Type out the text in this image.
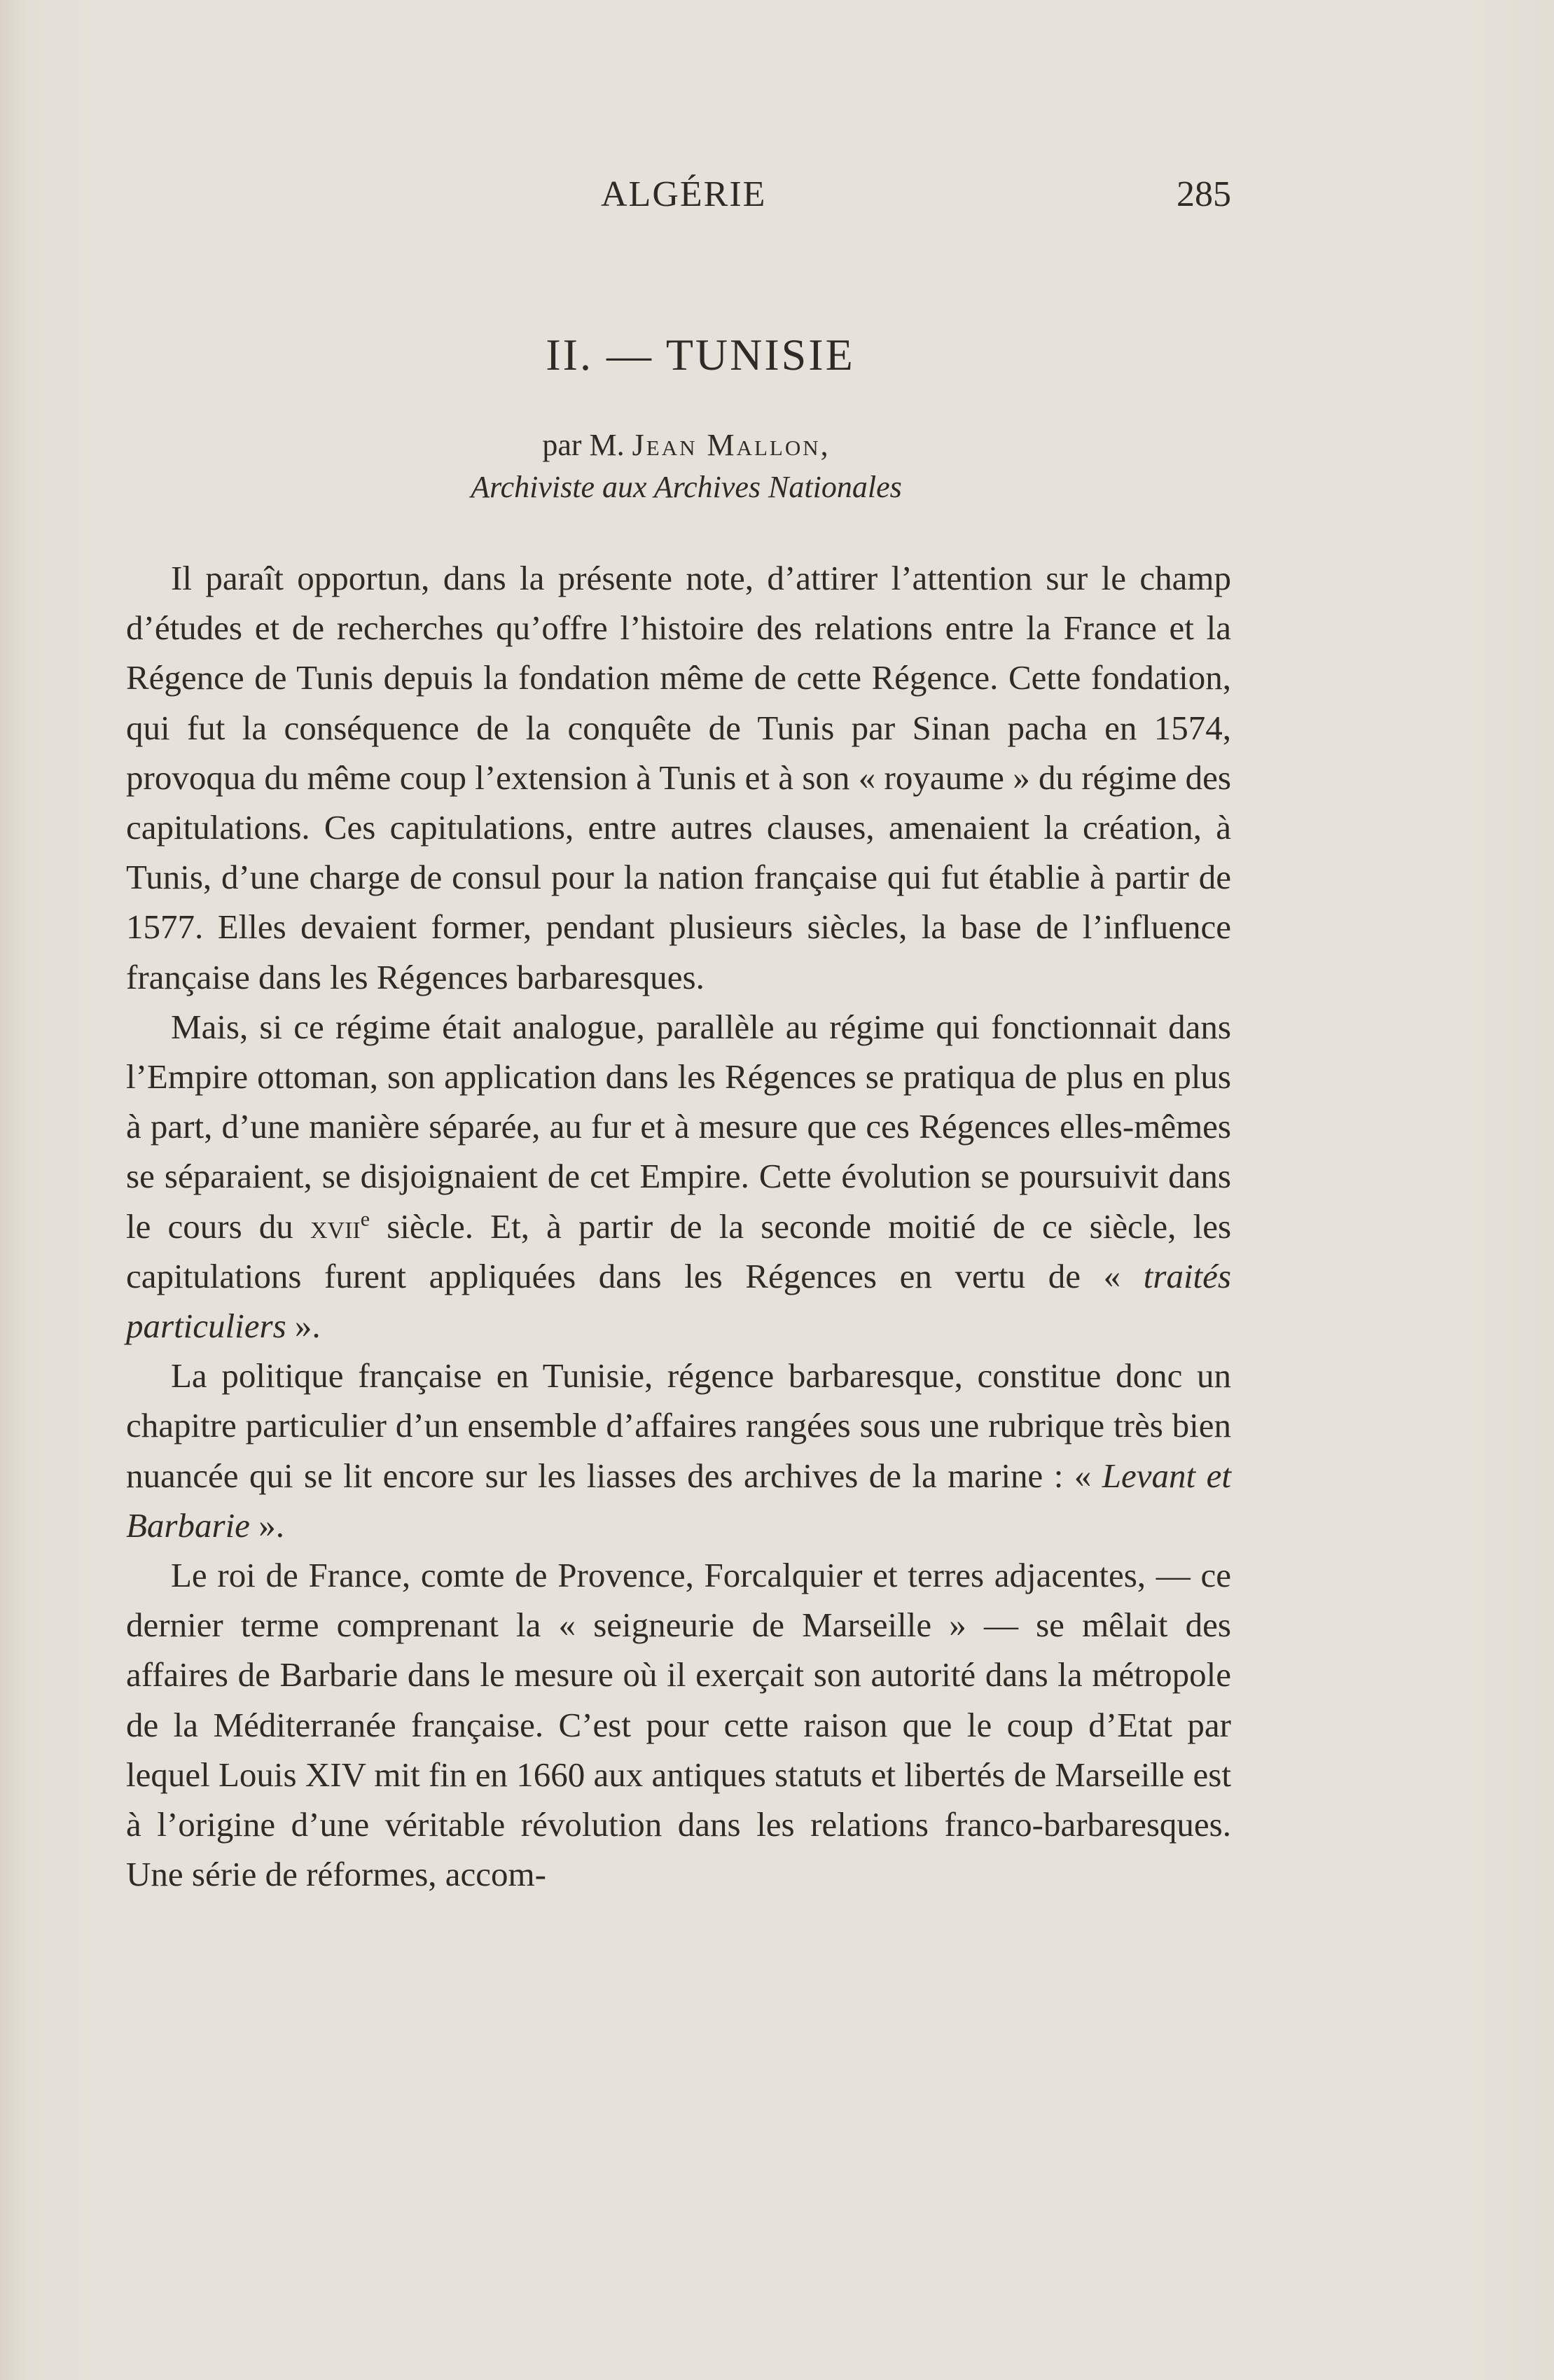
ALGÉRIE	285
II. — TUNISIE
par M. Jean Mallon,
Archiviste aux Archives Nationales

Il paraît opportun, dans la présente note, d’attirer l’attention sur le champ d’études et de recherches qu’offre l’histoire des relations entre la France et la Régence de Tunis depuis la fondation même de cette Régence. Cette fondation, qui fut la conséquence de la conquête de Tunis par Sinan pacha en 1574, provoqua du même coup l’extension à Tunis et à son « royaume » du régime des capitulations. Ces capitulations, entre autres clauses, amenaient la création, à Tunis, d’une charge de consul pour la nation française qui fut établie à partir de 1577. Elles devaient former, pendant plusieurs siècles, la base de l’influence française dans les Régences barbaresques.

Mais, si ce régime était analogue, parallèle au régime qui fonctionnait dans l’Empire ottoman, son application dans les Régences se pratiqua de plus en plus à part, d’une manière séparée, au fur et à mesure que ces Régences elles-mêmes se séparaient, se disjoignaient de cet Empire. Cette évolution se poursuivit dans le cours du xvii$^e$ siècle. Et, à partir de la seconde moitié de ce siècle, les capitulations furent appliquées dans les Régences en vertu de « traités particuliers ».

La politique française en Tunisie, régence barbaresque, constitue donc un chapitre particulier d’un ensemble d’affaires rangées sous une rubrique très bien nuancée qui se lit encore sur les liasses des archives de la marine : « Levant et Barbarie ».

Le roi de France, comte de Provence, Forcalquier et terres adjacentes, — ce dernier terme comprenant la « seigneurie de Marseille » — se mêlait des affaires de Barbarie dans le mesure où il exerçait son autorité dans la métropole de la Méditerranée française. C’est pour cette raison que le coup d’Etat par lequel Louis XIV mit fin en 1660 aux antiques statuts et libertés de Marseille est à l’origine d’une véritable révolution dans les relations franco-barbaresques. Une série de réformes, accom-
